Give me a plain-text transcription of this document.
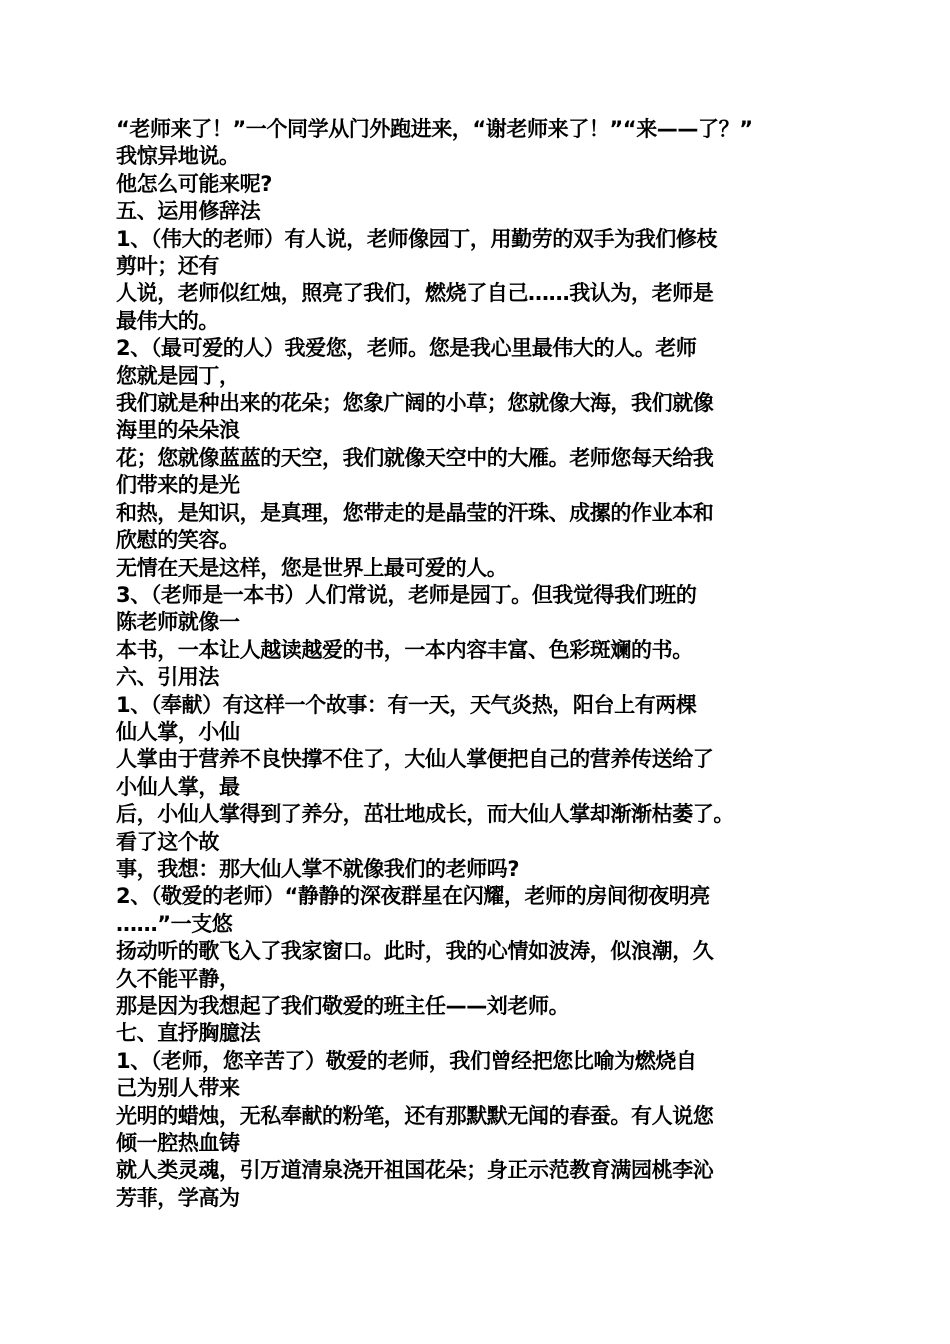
“老师来了！”一个同学从门外跑进来，“谢老师来了！”“来——了？”
我惊异地说。
他怎么可能来呢?
五、运用修辞法
1、（伟大的老师）有人说，老师像园丁，用勤劳的双手为我们修枝
剪叶；还有
人说，老师似红烛，照亮了我们，燃烧了自己……我认为，老师是
最伟大的。
2、（最可爱的人）我爱您，老师。您是我心里最伟大的人。老师
您就是园丁，
我们就是种出来的花朵；您象广阔的小草；您就像大海，我们就像
海里的朵朵浪
花；您就像蓝蓝的天空，我们就像天空中的大雁。老师您每天给我
们带来的是光
和热，是知识，是真理，您带走的是晶莹的汗珠、成摞的作业本和
欣慰的笑容。
无情在天是这样，您是世界上最可爱的人。
3、（老师是一本书）人们常说，老师是园丁。但我觉得我们班的
陈老师就像一
本书，一本让人越读越爱的书，一本内容丰富、色彩斑斓的书。
六、引用法
1、（奉献）有这样一个故事：有一天，天气炎热，阳台上有两棵
仙人掌，小仙
人掌由于营养不良快撑不住了，大仙人掌便把自己的营养传送给了
小仙人掌，最
后，小仙人掌得到了养分，茁壮地成长，而大仙人掌却渐渐枯萎了。
看了这个故
事，我想：那大仙人掌不就像我们的老师吗?
2、（敬爱的老师）“静静的深夜群星在闪耀，老师的房间彻夜明亮
……”一支悠
扬动听的歌飞入了我家窗口。此时，我的心情如波涛，似浪潮，久
久不能平静，
那是因为我想起了我们敬爱的班主任——刘老师。
七、直抒胸臆法
1、（老师，您辛苦了）敬爱的老师，我们曾经把您比喻为燃烧自
己为别人带来
光明的蜡烛，无私奉献的粉笔，还有那默默无闻的春蚕。有人说您
倾一腔热血铸
就人类灵魂，引万道清泉浇开祖国花朵；身正示范教育满园桃李沁
芳菲，学高为
